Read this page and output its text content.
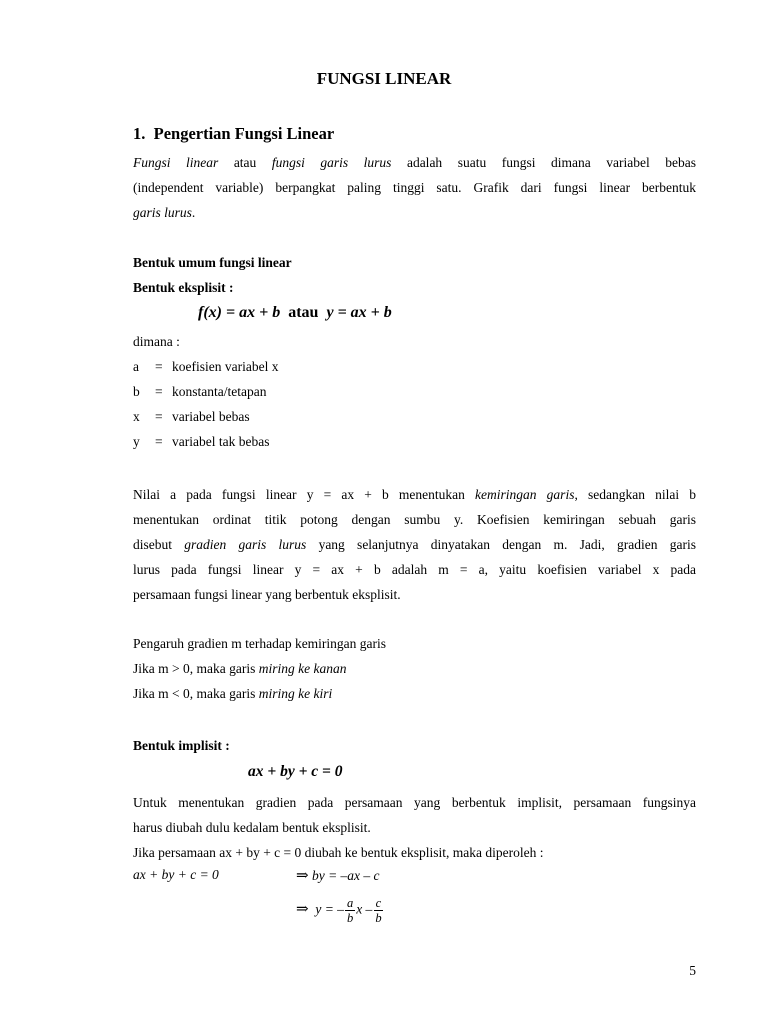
FUNGSI LINEAR
1. Pengertian Fungsi Linear
Fungsi linear atau fungsi garis lurus adalah suatu fungsi dimana variabel bebas
(independent variable) berpangkat paling tinggi satu. Grafik dari fungsi linear berbentuk
garis lurus.
Bentuk umum fungsi linear
Bentuk eksplisit :
f(x) = ax + b atau y = ax + b
dimana :
a = koefisien variabel x
b = konstanta/tetapan
x = variabel bebas
y = variabel tak bebas
Nilai a pada fungsi linear y = ax + b menentukan kemiringan garis, sedangkan nilai b
menentukan ordinat titik potong dengan sumbu y. Koefisien kemiringan sebuah garis
disebut gradien garis lurus yang selanjutnya dinyatakan dengan m. Jadi, gradien garis
lurus pada fungsi linear y = ax + b adalah m = a, yaitu koefisien variabel x pada
persamaan fungsi linear yang berbentuk eksplisit.
Pengaruh gradien m terhadap kemiringan garis
Jika m > 0, maka garis miring ke kanan
Jika m < 0, maka garis miring ke kiri
Bentuk implisit :
ax + by + c = 0
Untuk menentukan gradien pada persamaan yang berbentuk implisit, persamaan fungsinya
harus diubah dulu kedalam bentuk eksplisit.
Jika persamaan ax + by + c = 0 diubah ke bentuk eksplisit, maka diperoleh :
ax + by + c = 0	⇒ by = –ax – c
⇒ y = – $\frac{a}{b}$ x – $\frac{c}{b}$
5
